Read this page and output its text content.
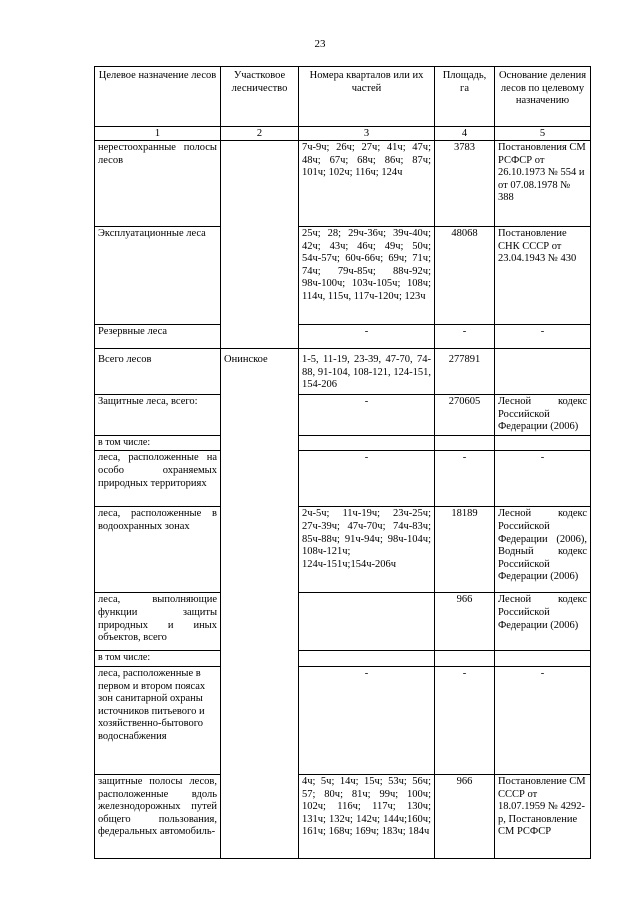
23
Целевое назначение лесов	Участковое лесничество	Номера кварталов или их частей	Площадь, га	Основание деления лесов по целевому назначению
1	2	3	4	5
нерестоохранные полосы лесов		7ч-9ч; 26ч; 27ч; 41ч; 47ч; 48ч; 67ч; 68ч; 86ч; 87ч; 101ч; 102ч; 116ч; 124ч	3783	Постановления СМ РСФСР от 26.10.1973 № 554 и от 07.08.1978 № 388
Эксплуатационные леса		25ч; 28; 29ч-36ч; 39ч-40ч; 42ч; 43ч; 46ч; 49ч; 50ч; 54ч-57ч; 60ч-66ч; 69ч; 71ч; 74ч; 79ч-85ч; 88ч-92ч; 98ч-100ч; 103ч-105ч; 108ч; 114ч, 115ч, 117ч-120ч; 123ч	48068	Постановление СНК СССР от 23.04.1943 № 430
Резервные леса		-	-	-
Всего лесов	Онинское	1-5, 11-19, 23-39, 47-70, 74-88, 91-104, 108-121, 124-151, 154-206	277891	
Защитные леса, всего:		-	270605	Лесной кодекс Российской Федерации (2006)
в том числе:				
леса, расположенные на особо охраняемых природных территориях		-	-	-
леса, расположенные в водоохранных зонах		2ч-5ч; 11ч-19ч; 23ч-25ч; 27ч-39ч; 47ч-70ч; 74ч-83ч; 85ч-88ч; 91ч-94ч; 98ч-104ч; 108ч-121ч; 124ч-151ч;154ч-206ч	18189	Лесной кодекс Российской Федерации (2006), Водный кодекс Российской Федерации (2006)
леса, выполняющие функции защиты природных и иных объектов, всего			966	Лесной кодекс Российской Федерации (2006)
в том числе:				
леса, расположенные в первом и втором поясах зон санитарной охраны источников питьевого и хозяйственно-бытового водоснабжения		-	-	-
защитные полосы лесов, расположенные вдоль железнодорожных путей общего пользования, федеральных автомобиль-		4ч; 5ч; 14ч; 15ч; 53ч; 56ч; 57; 80ч; 81ч; 99ч; 100ч; 102ч; 116ч; 117ч; 130ч; 131ч; 132ч; 142ч; 144ч;160ч; 161ч; 168ч; 169ч; 183ч; 184ч	966	Постановление СМ СССР от 18.07.1959 № 4292-р, Постановление СМ РСФСР
